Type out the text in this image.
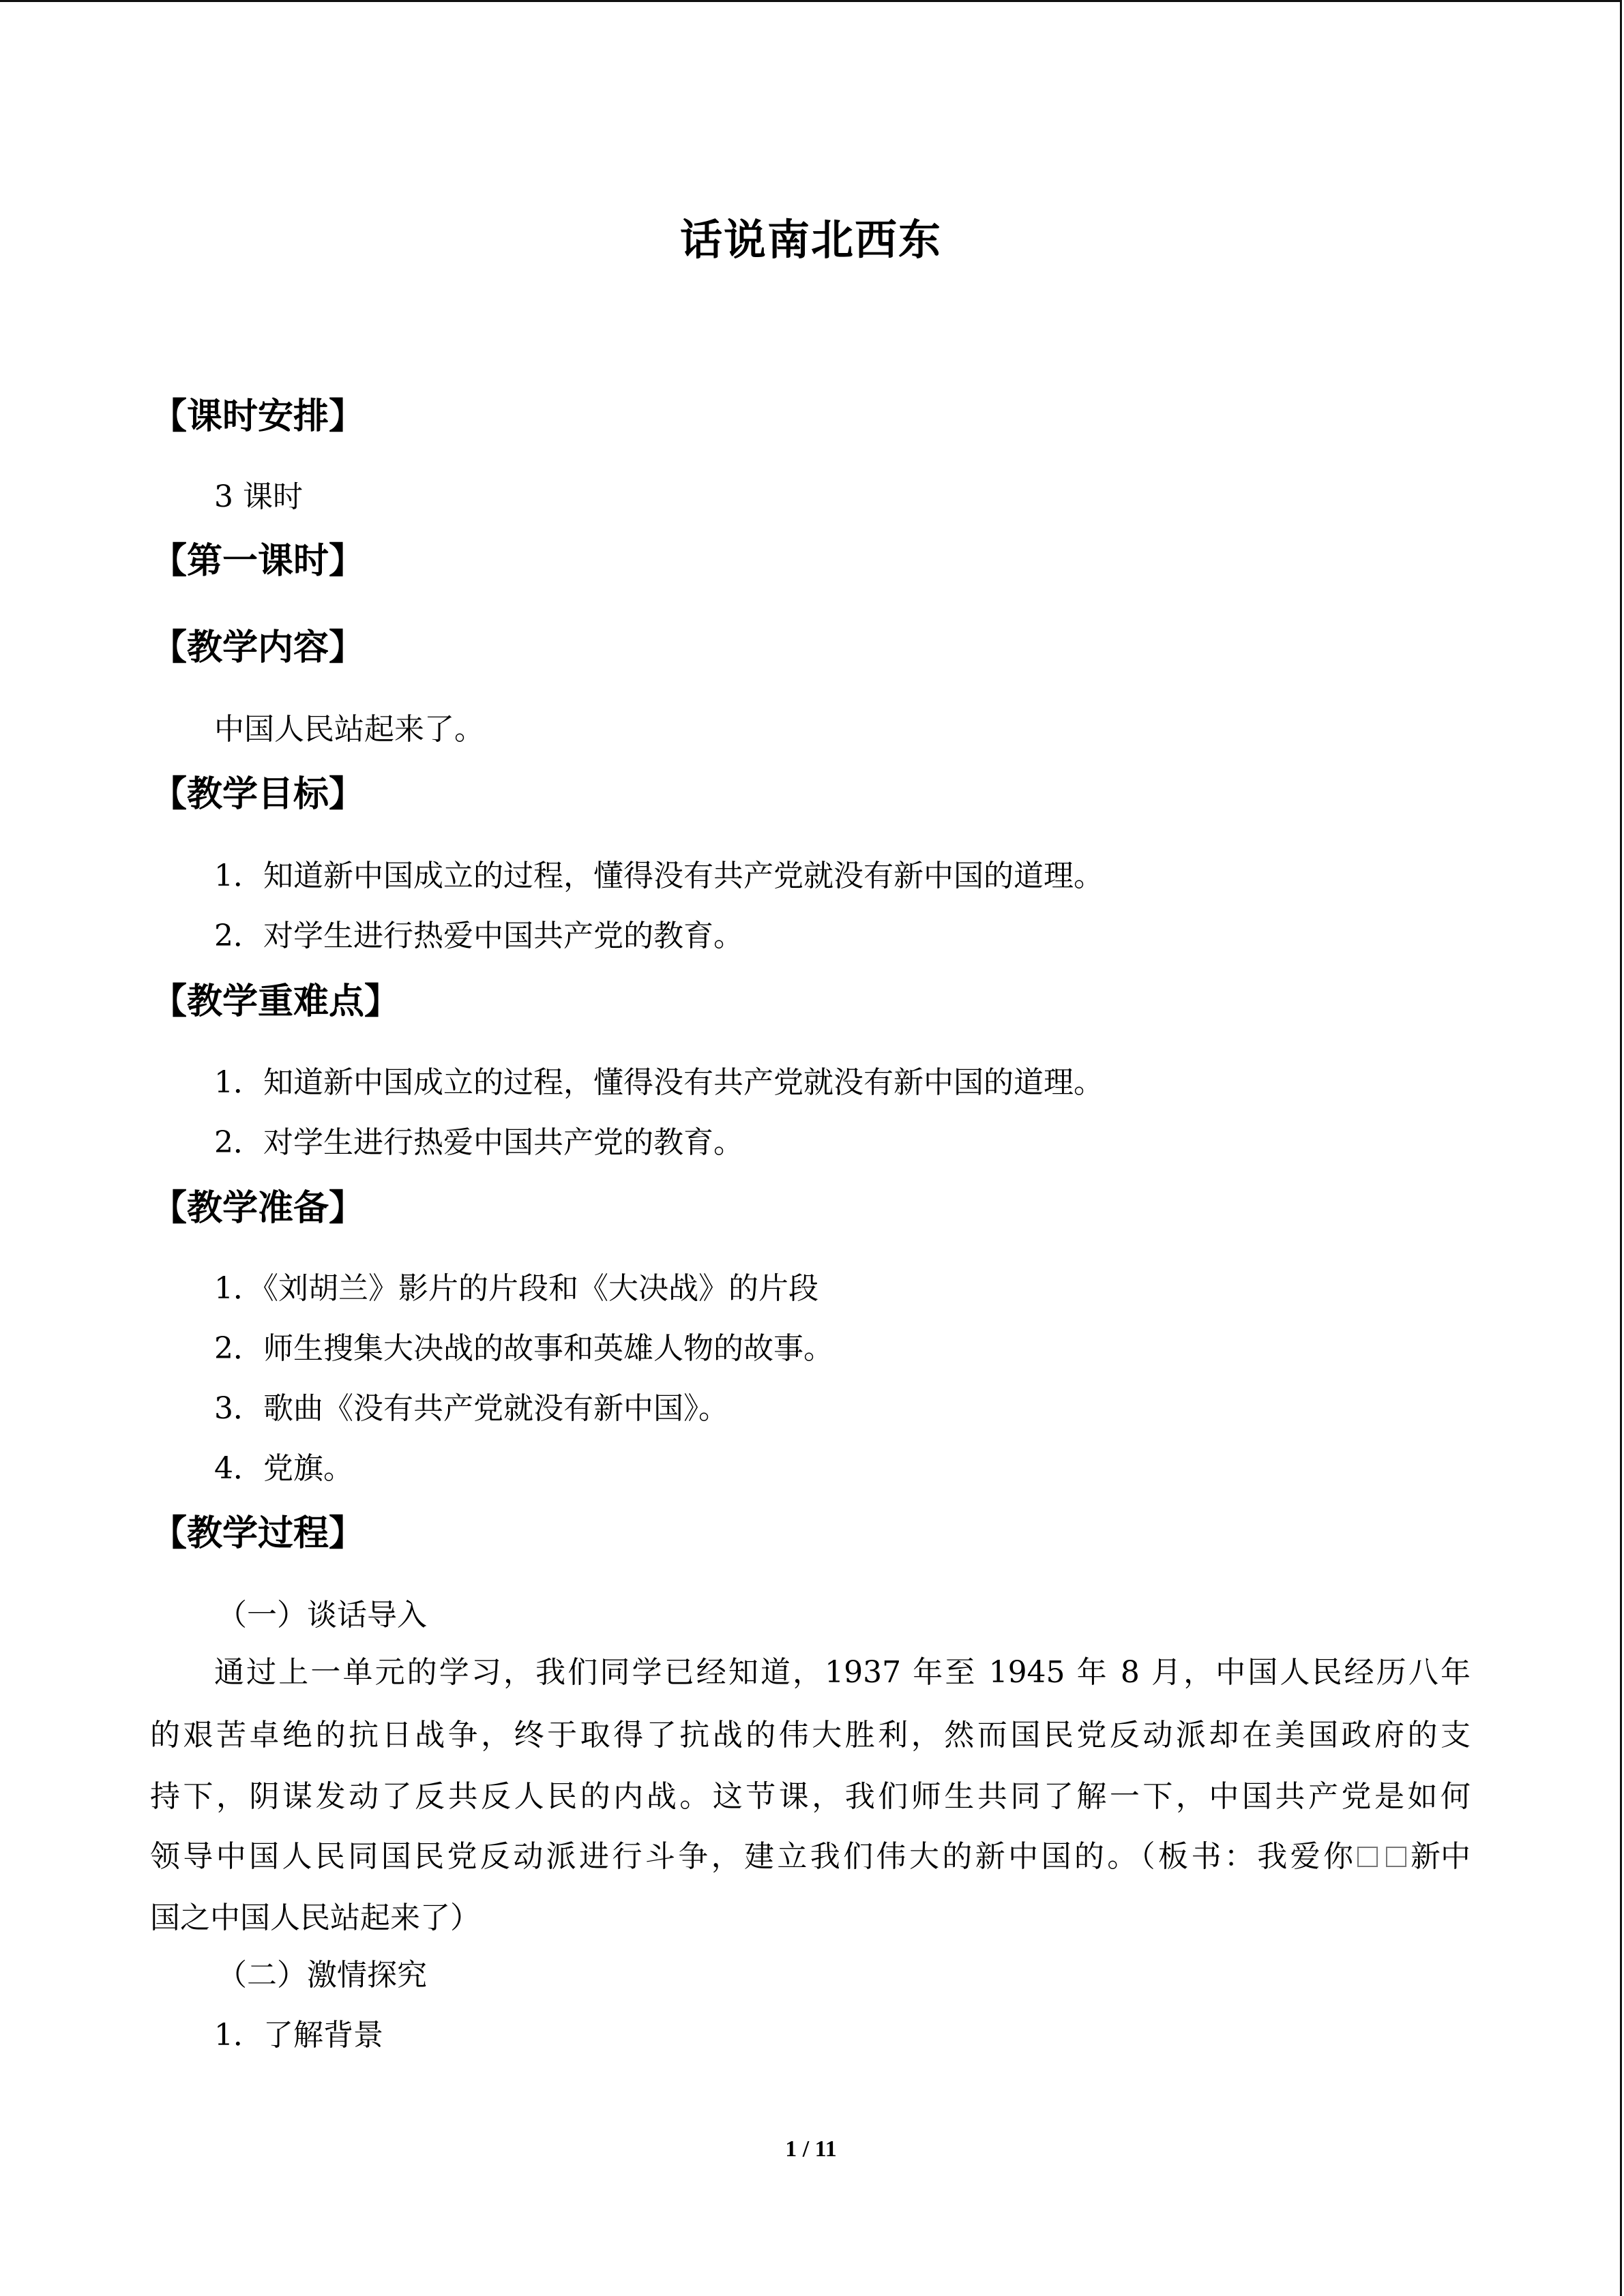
话说南北西东
【课时安排】
3 课时
【第一课时】
【教学内容】
中国人民站起来了。
【教学目标】
1．知道新中国成立的过程，懂得没有共产党就没有新中国的道理。
2．对学生进行热爱中国共产党的教育。
【教学重难点】
1．知道新中国成立的过程，懂得没有共产党就没有新中国的道理。
2．对学生进行热爱中国共产党的教育。
【教学准备】
1．《刘胡兰》影片的片段和《大决战》的片段
2．师生搜集大决战的故事和英雄人物的故事。
3．歌曲《没有共产党就没有新中国》。
4．党旗。
【教学过程】
（一）谈话导入
通过上一单元的学习，我们同学已经知道，1937 年至 1945 年 8 月，中国人民经历八年
的艰苦卓绝的抗日战争，终于取得了抗战的伟大胜利，然而国民党反动派却在美国政府的支
持下，阴谋发动了反共反人民的内战。这节课，我们师生共同了解一下，中国共产党是如何
领导中国人民同国民党反动派进行斗争，建立我们伟大的新中国的。（板书：我爱你 新中
国之中国人民站起来了）
（二）激情探究
1．了解背景
1 / 11
